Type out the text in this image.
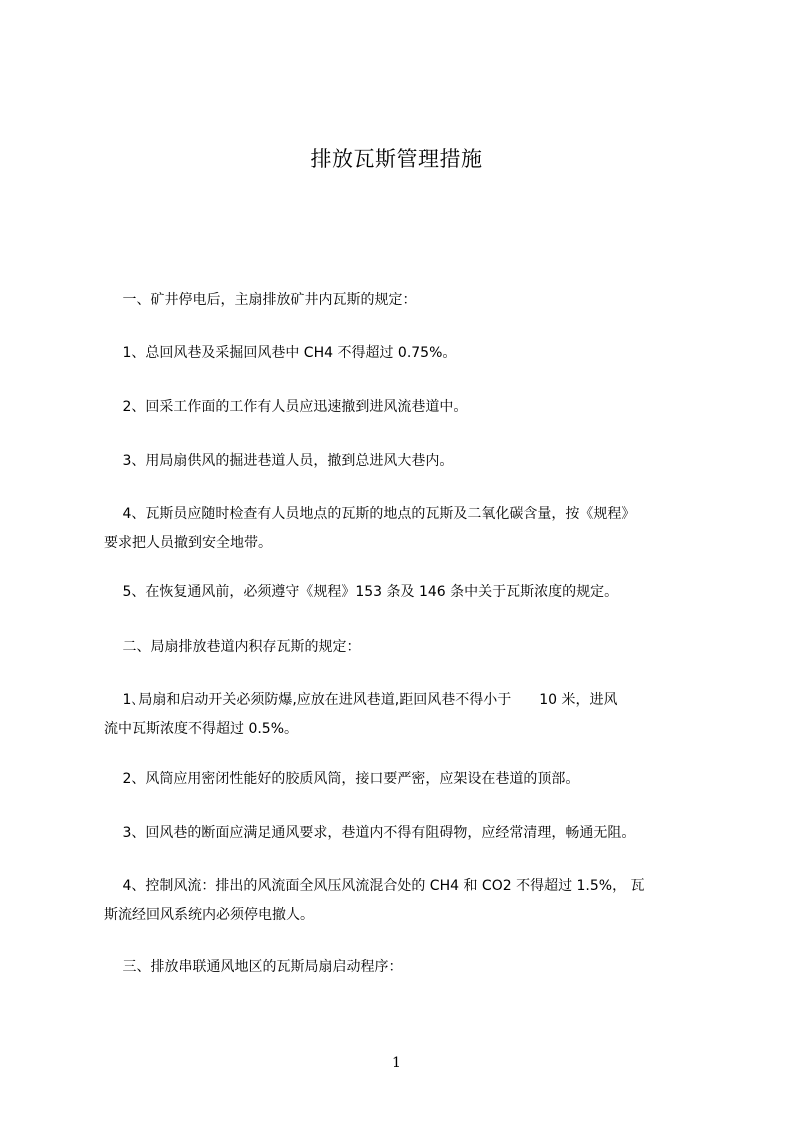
排放瓦斯管理措施
　 一、矿井停电后，主扇排放矿井内瓦斯的规定：
　 1、总回风巷及采掘回风巷中 CH4 不得超过 0.75%。
　 2、回采工作面的工作有人员应迅速撤到进风流巷道中。
　 3、用局扇供风的掘进巷道人员，撤到总进风大巷内。
　 4、瓦斯员应随时检查有人员地点的瓦斯的地点的瓦斯及二氧化碳含量，按《规程》
要求把人员撤到安全地带。
　 5、在恢复通风前，必须遵守《规程》153 条及 146 条中关于瓦斯浓度的规定。
　 二、局扇排放巷道内积存瓦斯的规定：
　 1､局扇和启动开关必须防爆,应放在进风巷道,距回风巷不得小于　　10 米，进风
流中瓦斯浓度不得超过 0.5%。
　 2、风筒应用密闭性能好的胶质风筒，接口要严密，应架设在巷道的顶部。
　 3、回风巷的断面应满足通风要求，巷道内不得有阻碍物，应经常清理，畅通无阻。
　 4、控制风流：排出的风流面全风压风流混合处的 CH4 和 CO2 不得超过 1.5%， 瓦
斯流经回风系统内必须停电撤人。
　 三、排放串联通风地区的瓦斯局扇启动程序：
1
